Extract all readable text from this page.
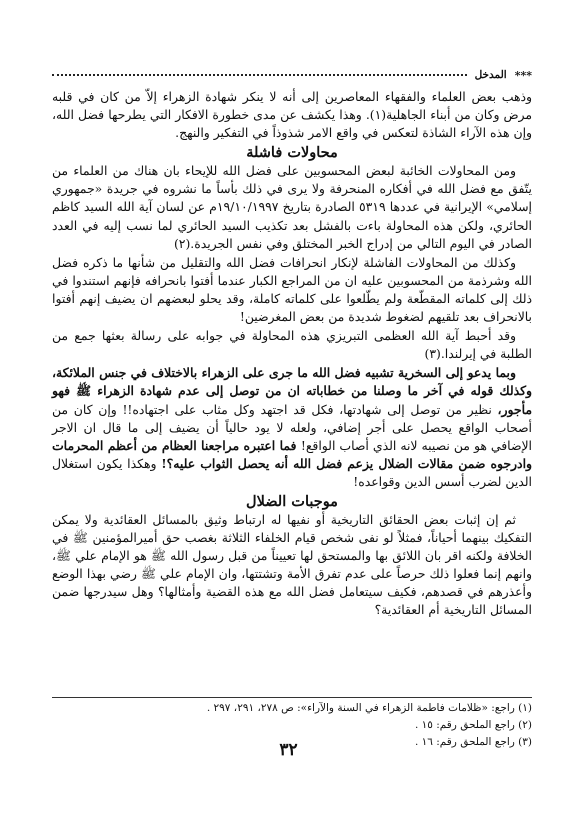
***
المدخل

وذهب بعض العلماء والفقهاء المعاصرين إلى أنه لا ينكر شهادة الزهراء إلاّ من كان في قلبه مرض وكان من أبناء الجاهلية(١). وهذا يكشف عن مدى خطورة الافكار التي يطرحها فضل الله، وإن هذه الآراء الشاذة لتعكس في واقع الامر شذوذاً في التفكير والنهج.

محاولات فاشلة

ومن المحاولات الخائبة لبعض المحسوبين على فضل الله للإيحاء بان هناك من العلماء من يتّفق مع فضل الله في أفكاره المنحرفة ولا يرى في ذلك بأساً ما نشروه في جريدة «جمهوري إسلامي» الإيرانية في عددها ٥٣١٩ الصادرة بتاريخ ١٩/١٠/١٩٩٧م عن لسان آية الله السيد كاظم الحائري، ولكن هذه المحاولة باءت بالفشل بعد تكذيب السيد الحائري لما نسب إليه في العدد الصادر في اليوم التالي من إدراج الخبر المختلق وفي نفس الجريدة.(٢)

وكذلك من المحاولات الفاشلة لإنكار انحرافات فضل الله والتقليل من شأنها ما ذكره فضل الله وشرذمة من المحسوبين عليه ان من المراجع الكبار عندما أفتوا بانحرافه فإنهم استندوا في ذلك إلى كلماته المقطّعة ولم يطّلعوا على كلماته كاملة، وقد يحلو لبعضهم ان يضيف إنهم أفتوا بالانحراف بعد تلقيهم لضغوط شديدة من بعض المغرضين!

وقد أحبط آية الله العظمى التبريزي هذه المحاولة في جوابه على رسالة بعثها جمع من الطلبة في إيرلندا.(٣)

وبما يدعو إلى السخرية تشبيه فضل الله ما جرى على الزهراء بالاختلاف في جنس الملائكة، وكذلك قوله في آخر ما وصلنا من خطاباته ان من توصل إلى عدم شهادة الزهراء ﷺ فهو مأجور، نظير من توصل إلى شهادتها، فكل قد اجتهد وكل مثاب على اجتهاده!! وإن كان من أصحاب الواقع يحصل على أجر إضافي، ولعله لا يود حالياً أن يضيف إلى ما قال ان الاجر الإضافي هو من نصيبه لانه الذي أصاب الواقع! فما اعتبره مراجعنا العظام من أعظم المحرمات وادرجوه ضمن مقالات الضلال يزعم فضل الله أنه يحصل الثواب عليه؟! وهكذا يكون استغلال الدين لضرب أسس الدين وقواعده!

موجبات الضلال

ثم إن إثبات بعض الحقائق التاريخية أو نفيها له ارتباط وثيق بالمسائل العقائدية ولا يمكن التفكيك بينهما أحياناً، فمثلاً لو نفى شخص قيام الخلفاء الثلاثة بغصب حق أميرالمؤمنين ﷺ في الخلافة ولكنه اقر بان اللائق بها والمستحق لها تعييناً من قبل رسول الله ﷺ هو الإمام علي ﷺ، وانهم إنما فعلوا ذلك حرصاً على عدم تفرق الأمة وتشتتها، وان الإمام علي ﷺ رضي بهذا الوضع وأعذرهم في قصدهم، فكيف سيتعامل فضل الله مع هذه القضية وأمثالها؟ وهل سيدرجها ضمن المسائل التاريخية أم العقائدية؟

(١) راجع: «ظلامات فاطمة الزهراء في السنة والآراء»: ص ٢٧٨، ٢٩١، ٢٩٧ .
(٢) راجع الملحق رقم: ١٥ .
(٣) راجع الملحق رقم: ١٦ .
٣٢
